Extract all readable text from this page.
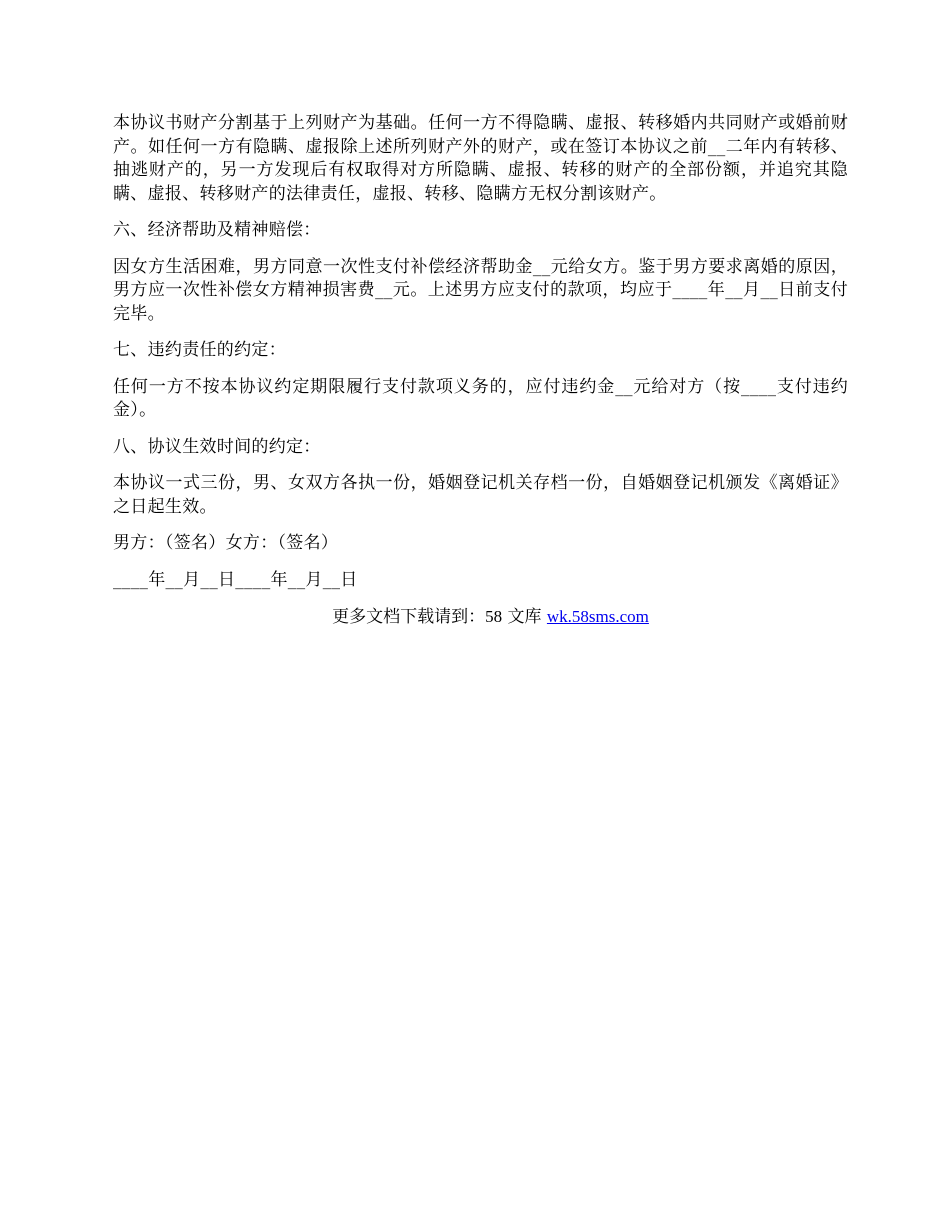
本协议书财产分割基于上列财产为基础。任何一方不得隐瞒、虚报、转移婚内共同财产或婚前财产。如任何一方有隐瞒、虚报除上述所列财产外的财产，或在签订本协议之前__二年内有转移、抽逃财产的，另一方发现后有权取得对方所隐瞒、虚报、转移的财产的全部份额，并追究其隐瞒、虚报、转移财产的法律责任，虚报、转移、隐瞒方无权分割该财产。

六、经济帮助及精神赔偿：

因女方生活困难，男方同意一次性支付补偿经济帮助金__元给女方。鉴于男方要求离婚的原因，男方应一次性补偿女方精神损害费__元。上述男方应支付的款项，均应于____年__月__日前支付完毕。

七、违约责任的约定：

任何一方不按本协议约定期限履行支付款项义务的，应付违约金__元给对方（按____支付违约金）。

八、协议生效时间的约定：

本协议一式三份，男、女双方各执一份，婚姻登记机关存档一份，自婚姻登记机颁发《离婚证》之日起生效。

男方：（签名）女方：（签名）

____年__月__日____年__月__日

更多文档下载请到：58 文库 wk.58sms.com
